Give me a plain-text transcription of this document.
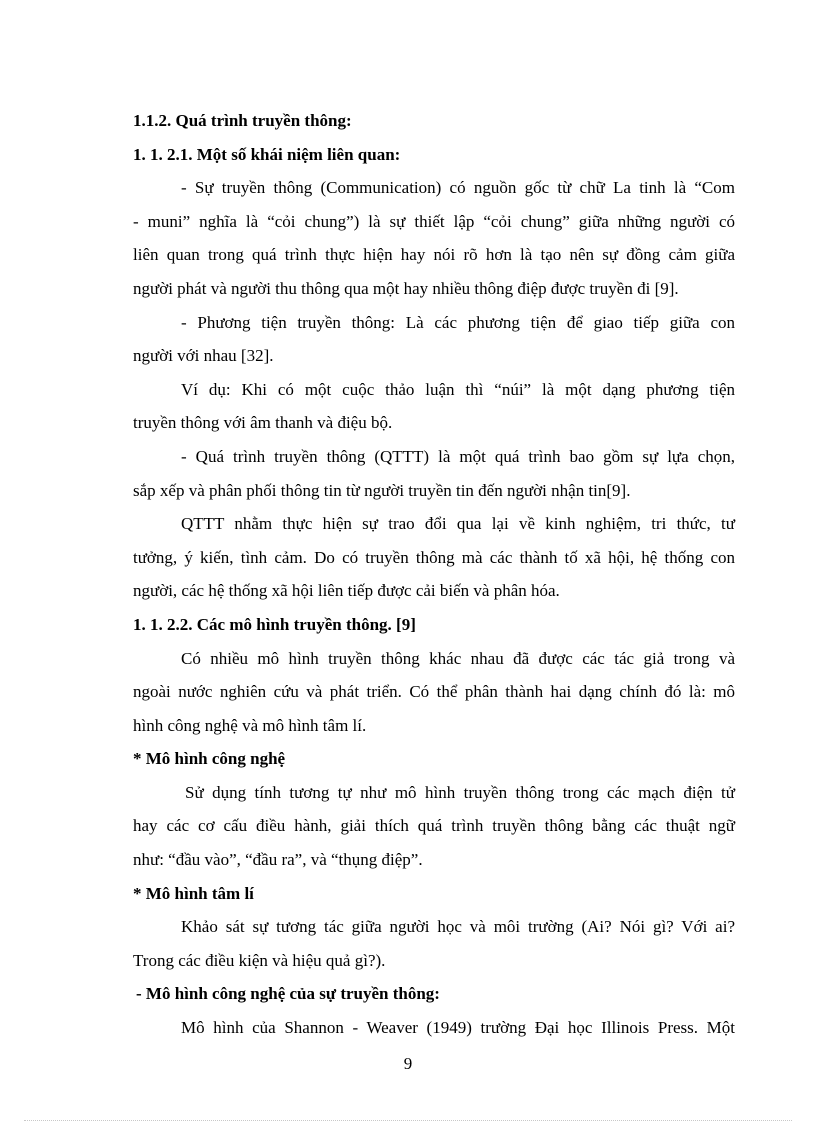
1.1.2. Quá trình truyền thông:
1. 1. 2.1. Một số khái niệm liên quan:
- Sự truyền thông (Communication) có nguồn gốc từ chữ La tinh là “Com
- muni” nghĩa là “cỏi chung”) là sự thiết lập “cỏi chung” giữa những người có
liên quan trong quá trình thực hiện hay nói rõ hơn là tạo nên sự đồng cảm giữa
người phát và người thu thông qua một hay nhiều thông điệp được truyền đi [9].
- Phương tiện truyền thông: Là các phương tiện để giao tiếp giữa con
người với nhau [32].
Ví dụ: Khi có một cuộc thảo luận thì “núi” là một dạng phương tiện
truyền thông với âm thanh và điệu bộ.
- Quá trình truyền thông (QTTT) là một quá trình bao gồm sự lựa chọn,
sắp xếp và phân phối thông tin từ người truyền tin đến người nhận tin[9].
QTTT nhằm thực hiện sự trao đổi qua lại về kinh nghiệm, tri thức, tư
tưởng, ý kiến, tình cảm. Do có truyền thông mà các thành tố xã hội, hệ thống con
người, các hệ thống xã hội liên tiếp được cải biến và phân hóa.
1. 1. 2.2. Các mô hình truyền thông. [9]
Có nhiều mô hình truyền thông khác nhau đã được các tác giả trong và
ngoài nước nghiên cứu và phát triển. Có thể phân thành hai dạng chính đó là: mô
hình công nghệ và mô hình tâm lí.
* Mô hình công nghệ
Sử dụng tính tương tự như mô hình truyền thông trong các mạch điện tử
hay các cơ cấu điều hành, giải thích quá trình truyền thông bằng các thuật ngữ
như: “đầu vào”, “đầu ra”, và “thụng điệp”.
* Mô hình tâm lí
Khảo sát sự tương tác giữa người học và môi trường (Ai? Nói gì? Với ai?
Trong các điều kiện và hiệu quả gì?).
- Mô hình công nghệ của sự truyền thông:
Mô hình của Shannon - Weaver (1949) trường Đại học Illinois Press. Một
9
